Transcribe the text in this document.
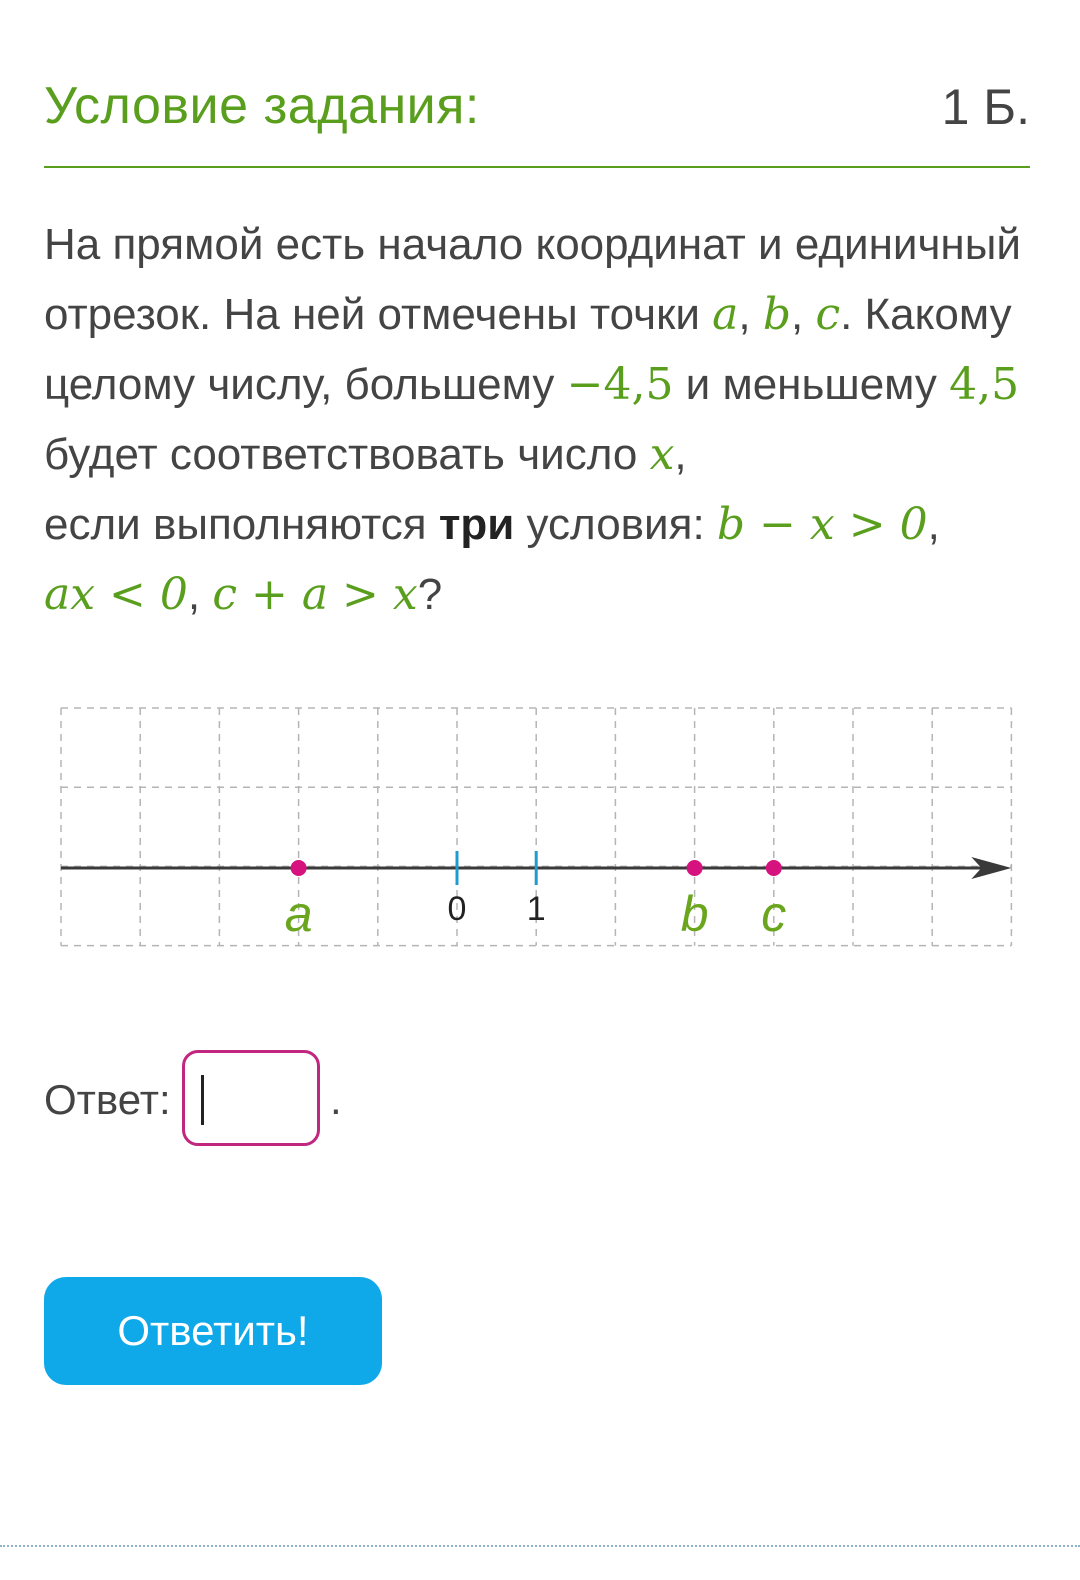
Условие задания:	1 Б.
На прямой есть начало координат и единичный отрезок. На ней отмечены точки a, b, c. Какому целому числу, большему −4,5 и меньшему 4,5 будет соответствовать число x,
если выполняются три условия: b − x > 0,
ax < 0, c + a > x?
0 1
a	b c
Ответ:	.
Ответить!
